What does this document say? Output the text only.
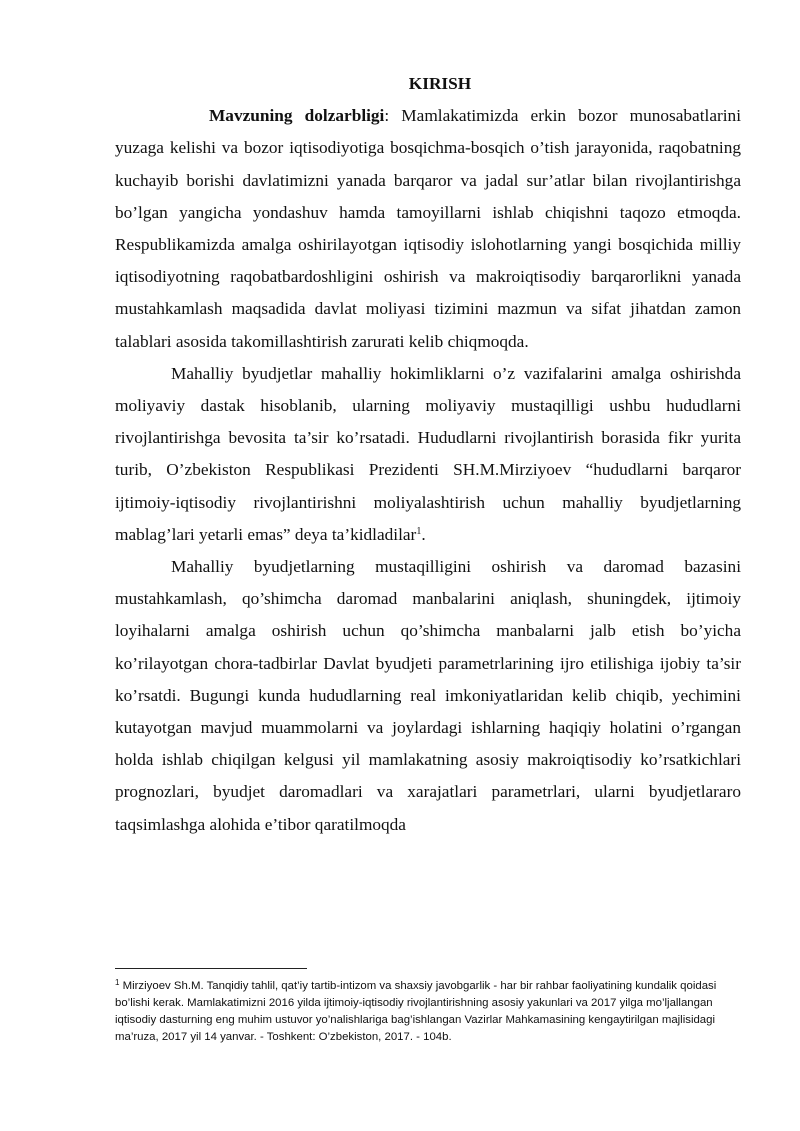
KIRISH

Mavzuning dolzarbligi: Mamlakatimizda erkin bozor munosabatlarini yuzaga kelishi va bozor iqtisodiyotiga bosqichma-bosqich o’tish jarayonida, raqobatning kuchayib borishi davlatimizni yanada barqaror va jadal sur’atlar bilan rivojlantirishga bo’lgan yangicha yondashuv hamda tamoyillarni ishlab chiqishni taqozo etmoqda. Respublikamizda amalga oshirilayotgan iqtisodiy islohotlarning yangi bosqichida milliy iqtisodiyotning raqobatbardoshligini oshirish va makroiqtisodiy barqarorlikni yanada mustahkamlash maqsadida davlat moliyasi tizimini mazmun va sifat jihatdan zamon talablari asosida takomillashtirish zarurati kelib chiqmoqda.

Mahalliy byudjetlar mahalliy hokimliklarni o’z vazifalarini amalga oshirishda moliyaviy dastak hisoblanib, ularning moliyaviy mustaqilligi ushbu hududlarni rivojlantirishga bevosita ta’sir ko’rsatadi. Hududlarni rivojlantirish borasida fikr yurita turib, O’zbekiston Respublikasi Prezidenti SH.M.Mirziyoev “hududlarni barqaror ijtimoiy-iqtisodiy rivojlantirishni moliyalashtirish uchun mahalliy byudjetlarning mablag’lari yetarli emas” deya ta’kidladilar$^1$.

Mahalliy byudjetlarning mustaqilligini oshirish va daromad bazasini mustahkamlash, qo’shimcha daromad manbalarini aniqlash, shuningdek, ijtimoiy loyihalarni amalga oshirish uchun qo’shimcha manbalarni jalb etish bo’yicha ko’rilayotgan chora-tadbirlar Davlat byudjeti parametrlarining ijro etilishiga ijobiy ta’sir ko’rsatdi. Bugungi kunda hududlarning real imkoniyatlaridan kelib chiqib, yechimini kutayotgan mavjud muammolarni va joylardagi ishlarning haqiqiy holatini o’rgangan holda ishlab chiqilgan kelgusi yil mamlakatning asosiy makroiqtisodiy ko’rsatkichlari prognozlari, byudjet daromadlari va xarajatlari parametrlari, ularni byudjetlararo taqsimlashga alohida e’tibor qaratilmoqda

$^1$ Mirziyoev Sh.M. Tanqidiy tahlil, qat’iy tartib-intizom va shaxsiy javobgarlik - har bir rahbar faoliyatining kundalik qoidasi bo’lishi kerak. Mamlakatimizni 2016 yilda ijtimoiy-iqtisodiy rivojlantirishning asosiy yakunlari va 2017 yilga mo’ljallangan iqtisodiy dasturning eng muhim ustuvor yo’nalishlariga bag’ishlangan Vazirlar Mahkamasining kengaytirilgan majlisidagi ma’ruza, 2017 yil 14 yanvar. - Toshkent: O’zbekiston, 2017. - 104b.
